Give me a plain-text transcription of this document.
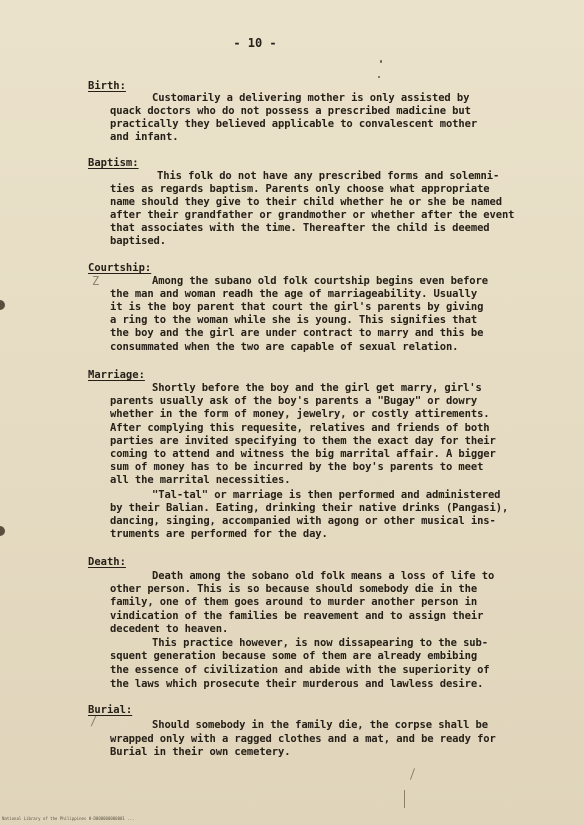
- 10 -
Birth:
Customarily a delivering mother is only assisted by
quack doctors who do not possess a prescribed madicine but
practically they believed applicable to convalescent mother
and infant.
Baptism:
This folk do not have any prescribed forms and solemni-
ties as regards baptism. Parents only choose what appropriate
name should they give to their child whether he or she be named
after their grandfather or grandmother or whether after the event
that associates with the time. Thereafter the child is deemed
baptised.
Courtship:
Z	Among the subano old folk courtship begins even before
the man and woman readh the age of marriageability. Usually
it is the boy parent that court the girl's parents by giving
a ring to the woman while she is young. This signifies that
the boy and the girl are under contract to marry and this be
consummated when the two are capable of sexual relation.
Marriage:
Shortly before the boy and the girl get marry, girl's
parents usually ask of the boy's parents a "Bugay" or dowry
whether in the form of money, jewelry, or costly attirements.
After complying this requesite, relatives and friends of both
parties are invited specifying to them the exact day for their
coming to attend and witness the big marrital affair. A bigger
sum of money has to be incurred by the boy's parents to meet
all the marrital necessities.
"Tal-tal" or marriage is then performed and administered
by their Balian. Eating, drinking their native drinks (Pangasi),
dancing, singing, accompanied with agong or other musical ins-
truments are performed for the day.
Death:
Death among the sobano old folk means a loss of life to
other person. This is so because should somebody die in the
family, one of them goes around to murder another person in
vindication of the families be reavement and to assign their
decedent to heaven.
This practice however, is now dissapearing to the sub-
squent generation because some of them are already embibing
the essence of civilization and abide with the superiority of
the laws which prosecute their murderous and lawless desire.
Burial:
/	Should somebody in the family die, the corpse shall be
wrapped only with a ragged clothes and a mat, and be ready for
Burial in their own cemetery.
National Library of the Philippines H-D000000000001 ...
